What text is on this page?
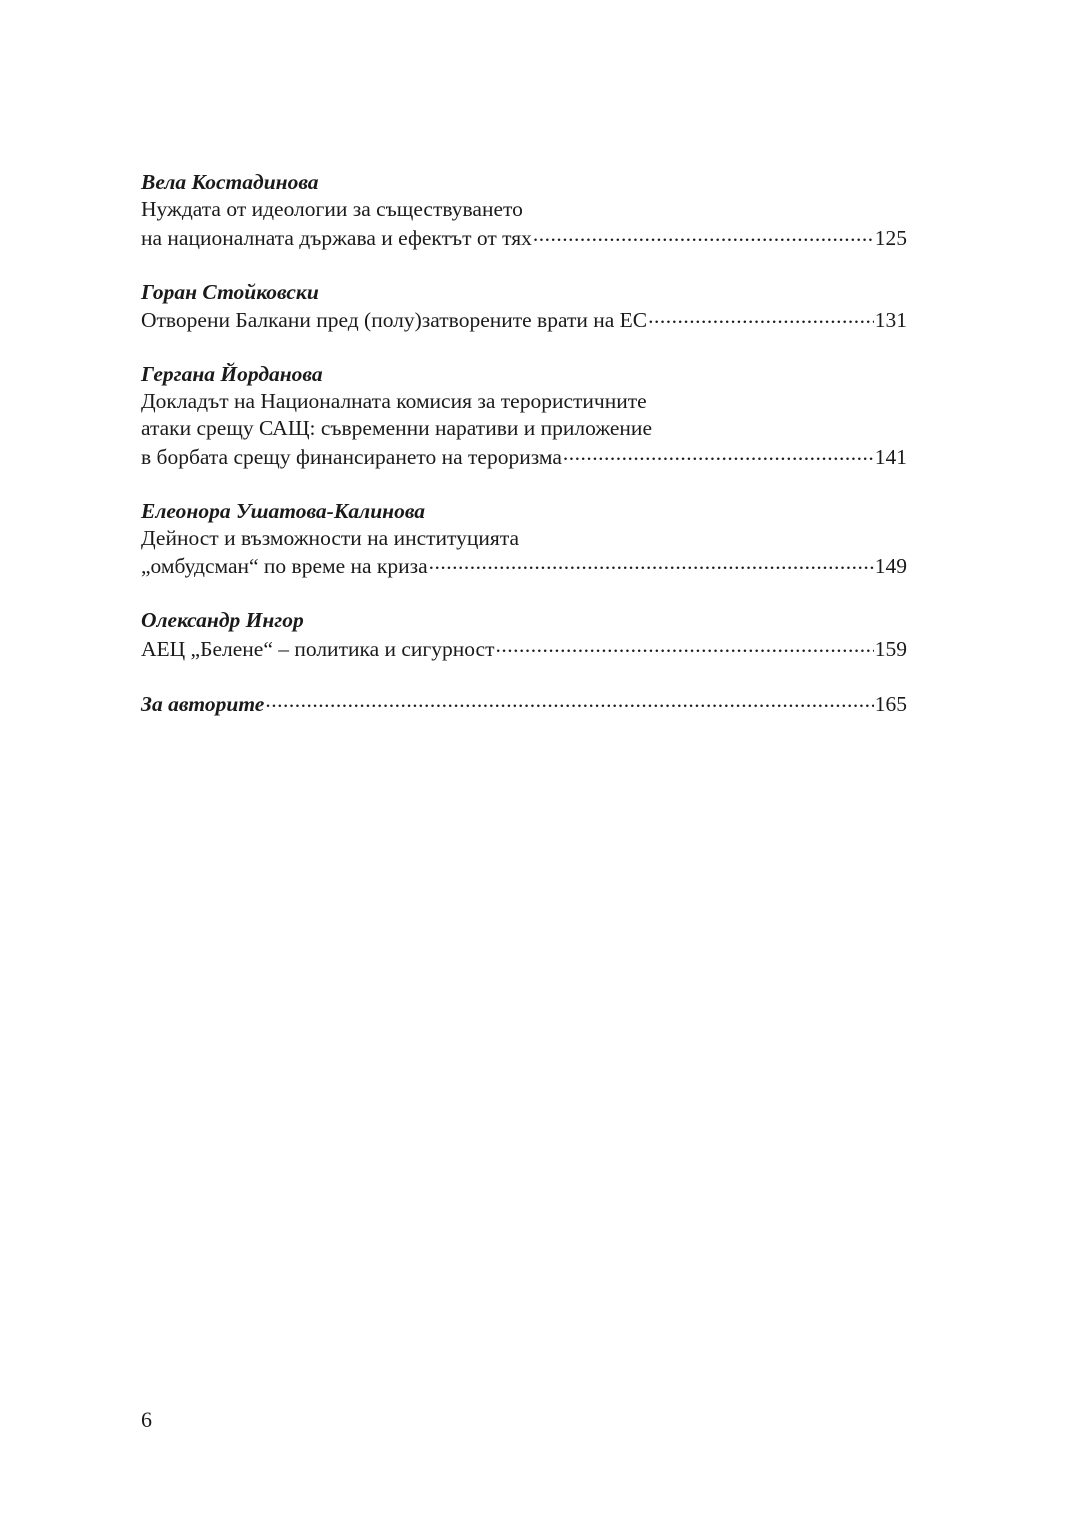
Вела Костадинова
Нуждата от идеологии за съществуването
на националната държава и ефектът от тях .....	125
Горан Стойковски
Отворени Балкани пред (полу)затворените врати на ЕС .....	131
Гергана Йорданова
Докладът на Националната комисия за терористичните
атаки срещу САЩ: съвременни наративи и приложение
в борбата срещу финансирането на тероризма .....	141
Елеонора Ушатова-Калинова
Дейност и възможности на институцията
„омбудсман“ по време на криза .....	149
Олександр Ингор
АЕЦ „Белене“ – политика и сигурност .....	159
За авторите .....	165
6
